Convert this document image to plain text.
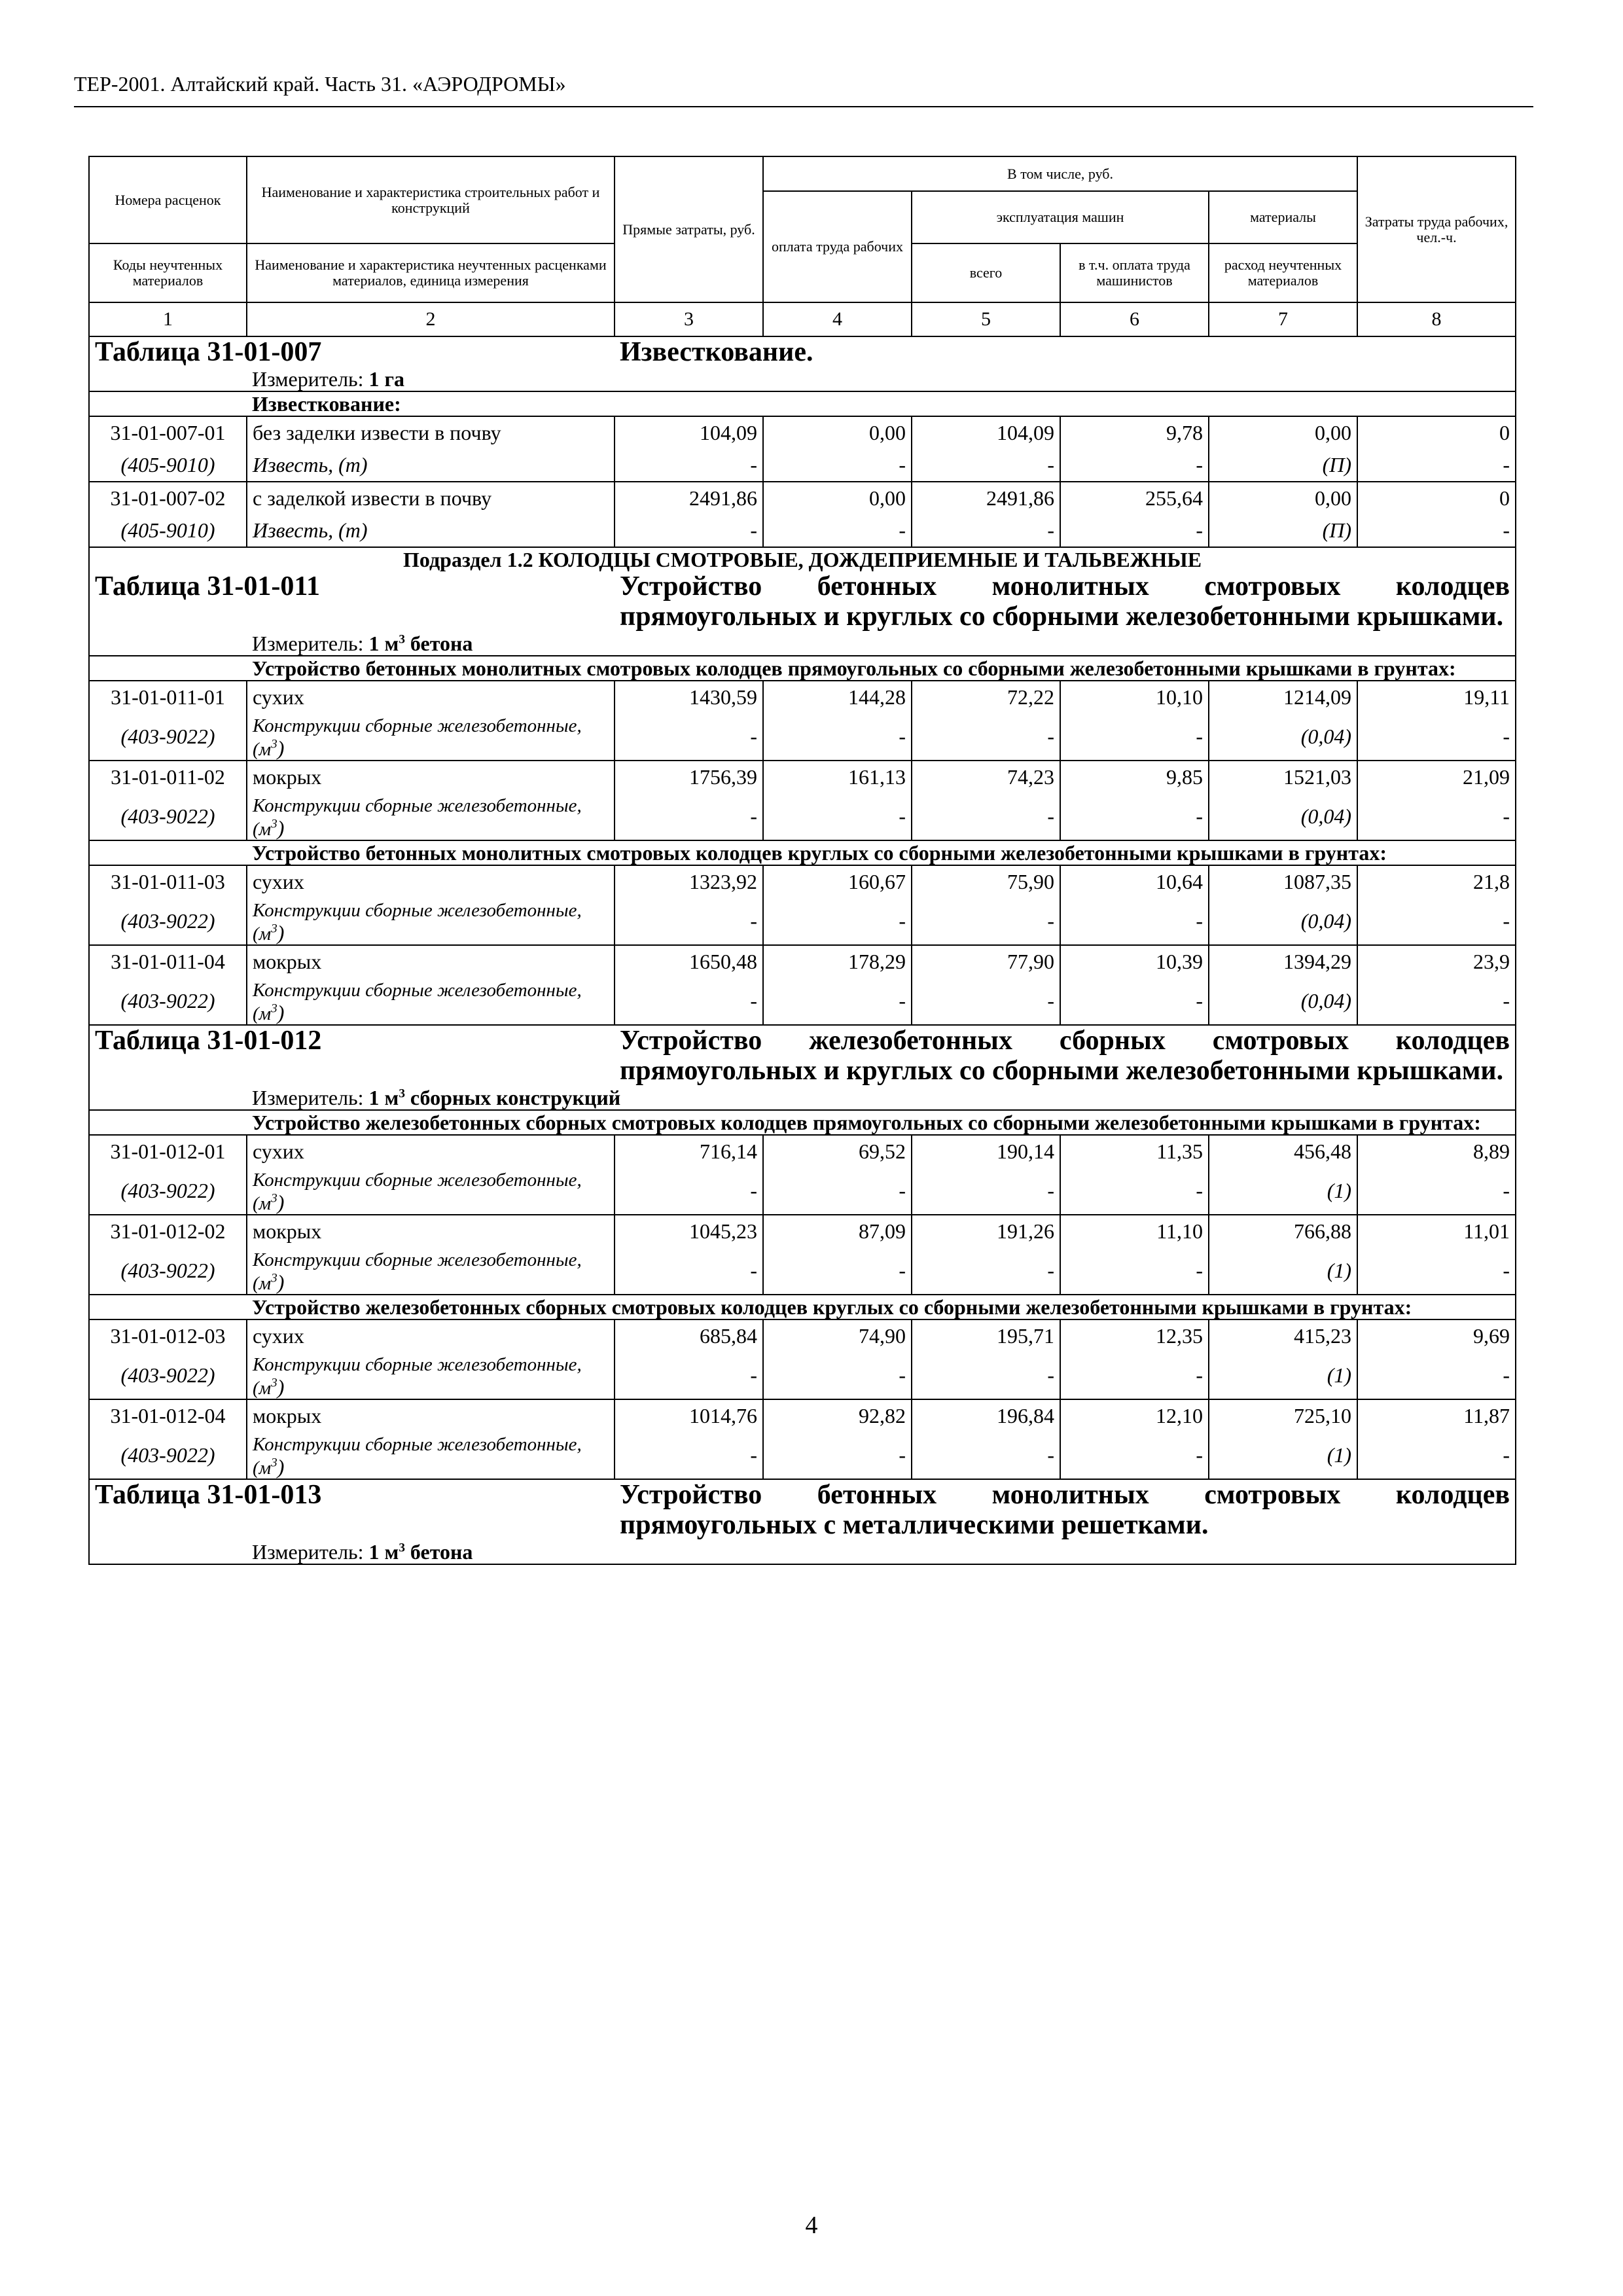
ТЕР-2001. Алтайский край. Часть 31. «АЭРОДРОМЫ»
Номера расценок	Наименование и характеристика строительных работ и конструкций	Прямые затраты, руб.	В том числе, руб.				Затраты труда рабочих, чел.-ч.
			оплата труда рабочих	эксплуатация машин		материалы	
Коды неучтенных материалов	Наименование и характеристика неучтенных расценками материалов, единица измерения			всего	в т.ч. оплата труда машинистов	расход неучтенных материалов	

1	2	3	4	5	6	7	8
Таблица 31-01-007		Известкование.					
	Измеритель: 1 га						
	Известкование:						
31-01-007-01	без заделки извести в почву	104,09	0,00	104,09	9,78	0,00	0
(405-9010)	Известь, (т)	-	-	-	-	(П)	-
31-01-007-02	с заделкой извести в почву	2491,86	0,00	2491,86	255,64	0,00	0
(405-9010)	Известь, (т)	-	-	-	-	(П)	-
Подраздел 1.2 КОЛОДЦЫ СМОТРОВЫЕ, ДОЖДЕПРИЕМНЫЕ И ТАЛЬВЕЖНЫЕ							
Таблица 31-01-011		Устройство бетонных монолитных смотровых колодцев прямоугольных и круглых со сборными железобетонными крышками.					
	Измеритель: 1 $м^3$ бетона						
	Устройство бетонных монолитных смотровых колодцев прямоугольных со сборными железобетонными крышками в грунтах:						
31-01-011-01	сухих	1430,59	144,28	72,22	10,10	1214,09	19,11
(403-9022)	Конструкции сборные железобетонные, $(м^3)$	-	-	-	-	(0,04)	-
31-01-011-02	мокрых	1756,39	161,13	74,23	9,85	1521,03	21,09
(403-9022)	Конструкции сборные железобетонные, $(м^3)$	-	-	-	-	(0,04)	-
	Устройство бетонных монолитных смотровых колодцев круглых со сборными железобетонными крышками в грунтах:						
31-01-011-03	сухих	1323,92	160,67	75,90	10,64	1087,35	21,8
(403-9022)	Конструкции сборные железобетонные, $(м^3)$	-	-	-	-	(0,04)	-
31-01-011-04	мокрых	1650,48	178,29	77,90	10,39	1394,29	23,9
(403-9022)	Конструкции сборные железобетонные, $(м^3)$	-	-	-	-	(0,04)	-
Таблица 31-01-012		Устройство железобетонных сборных смотровых колодцев прямоугольных и круглых со сборными железобетонными крышками.					
	Измеритель: 1 $м^3$ сборных конструкций						
	Устройство железобетонных сборных смотровых колодцев прямоугольных со сборными железобетонными крышками в грунтах:						
31-01-012-01	сухих	716,14	69,52	190,14	11,35	456,48	8,89
(403-9022)	Конструкции сборные железобетонные, $(м^3)$	-	-	-	-	(1)	-
31-01-012-02	мокрых	1045,23	87,09	191,26	11,10	766,88	11,01
(403-9022)	Конструкции сборные железобетонные, $(м^3)$	-	-	-	-	(1)	-
	Устройство железобетонных сборных смотровых колодцев круглых со сборными железобетонными крышками в грунтах:						
31-01-012-03	сухих	685,84	74,90	195,71	12,35	415,23	9,69
(403-9022)	Конструкции сборные железобетонные, $(м^3)$	-	-	-	-	(1)	-
31-01-012-04	мокрых	1014,76	92,82	196,84	12,10	725,10	11,87
(403-9022)	Конструкции сборные железобетонные, $(м^3)$	-	-	-	-	(1)	-
Таблица 31-01-013		Устройство бетонных монолитных смотровых колодцев прямоугольных с металлическими решетками.					
	Измеритель: 1 $м^3$ бетона						
4
